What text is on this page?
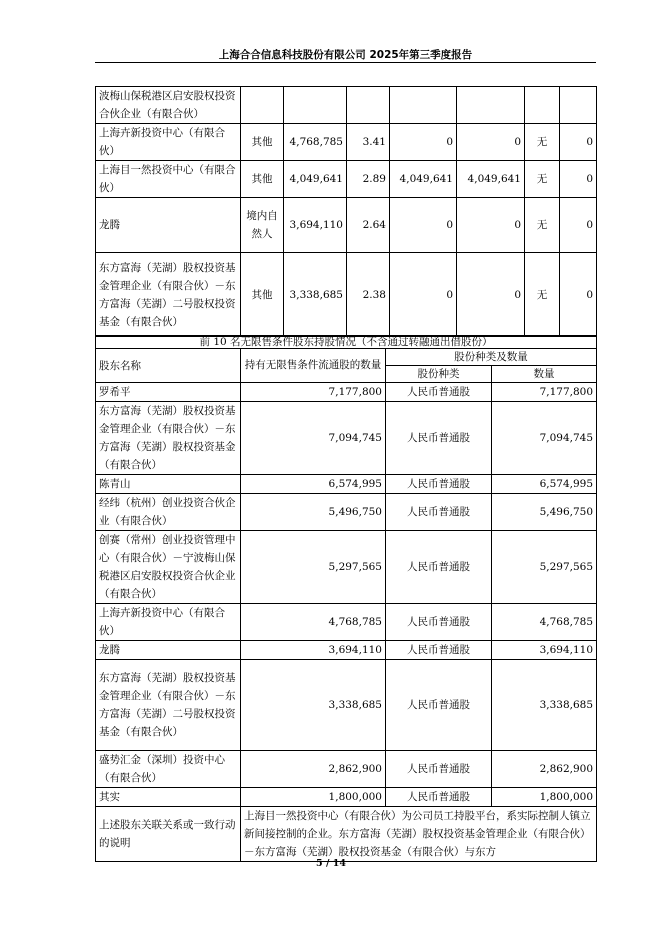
上海合合信息科技股份有限公司 2025年第三季度报告
波梅山保税港区启安股权投资合伙企业（有限合伙）							
上海卉新投资中心（有限合伙）	其他	4,768,785	3.41	0	0	无	0
上海目一然投资中心（有限合伙）	其他	4,049,641	2.89	4,049,641	4,049,641	无	0
龙腾	境内自然人	3,694,110	2.64	0	0	无	0
东方富海（芜湖）股权投资基金管理企业（有限合伙）－东方富海（芜湖）二号股权投资基金（有限合伙）	其他	3,338,685	2.38	0	0	无	0
前 10 名无限售条件股东持股情况（不含通过转融通出借股份）			
股东名称	持有无限售条件流通股的数量	股份种类及数量	
		股份种类	数量
罗希平	7,177,800	人民币普通股	7,177,800
东方富海（芜湖）股权投资基金管理企业（有限合伙）－东方富海（芜湖）股权投资基金（有限合伙）	7,094,745	人民币普通股	7,094,745
陈青山	6,574,995	人民币普通股	6,574,995
经纬（杭州）创业投资合伙企业（有限合伙）	5,496,750	人民币普通股	5,496,750
创赛（常州）创业投资管理中心（有限合伙）－宁波梅山保税港区启安股权投资合伙企业（有限合伙）	5,297,565	人民币普通股	5,297,565
上海卉新投资中心（有限合伙）	4,768,785	人民币普通股	4,768,785
龙腾	3,694,110	人民币普通股	3,694,110
东方富海（芜湖）股权投资基金管理企业（有限合伙）－东方富海（芜湖）二号股权投资基金（有限合伙）	3,338,685	人民币普通股	3,338,685
盛势汇金（深圳）投资中心（有限合伙）	2,862,900	人民币普通股	2,862,900
其实	1,800,000	人民币普通股	1,800,000
上述股东关联关系或一致行动的说明	上海目一然投资中心（有限合伙）为公司员工持股平台，系实际控制人镇立新间接控制的企业。东方富海（芜湖）股权投资基金管理企业（有限合伙）－东方富海（芜湖）股权投资基金（有限合伙）与东方		
5 / 14
